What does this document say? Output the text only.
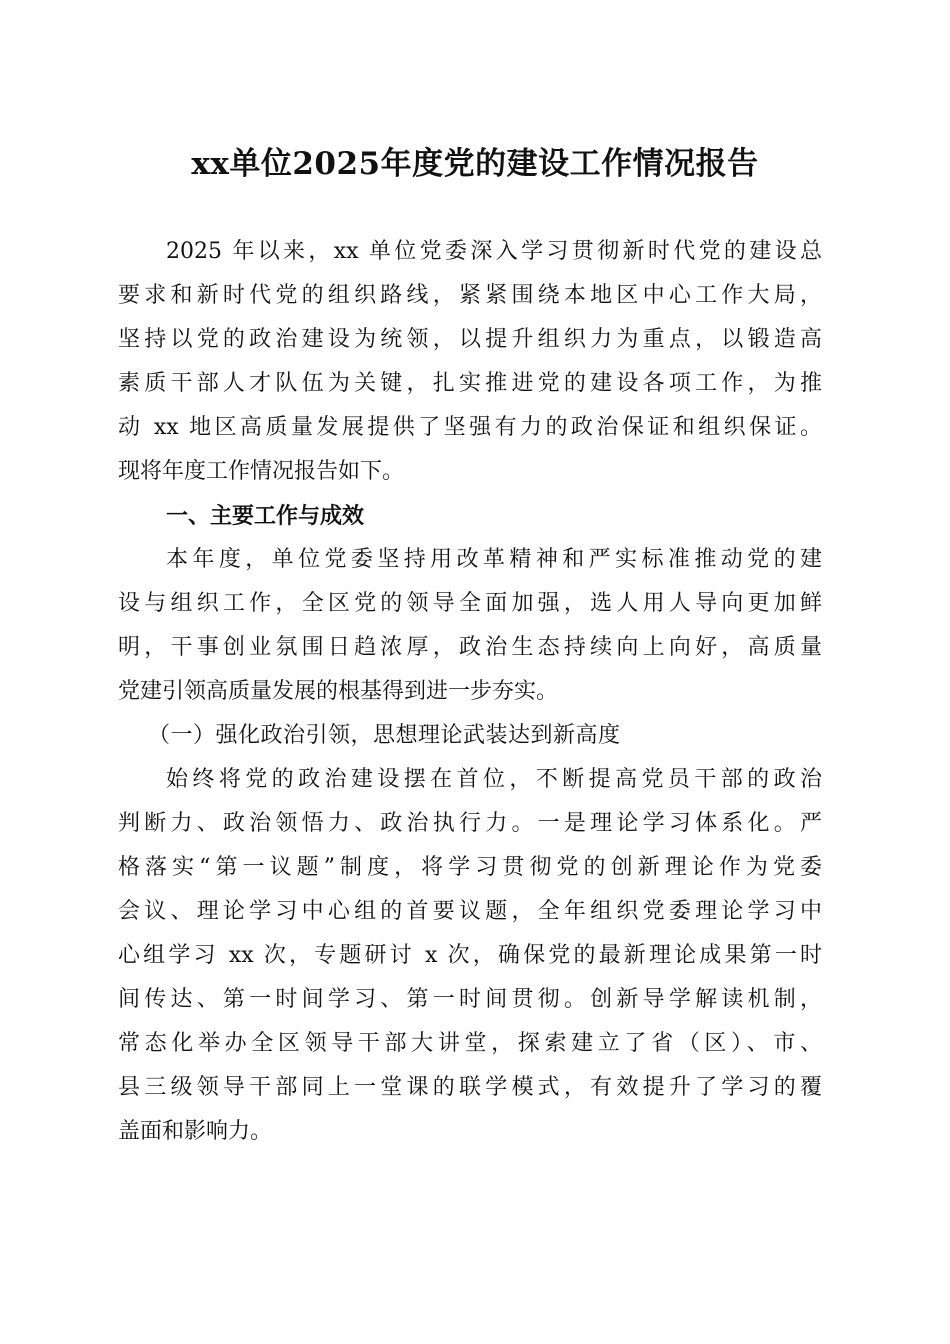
xx单位2025年度党的建设工作情况报告
2025 年以来，xx 单位党委深入学习贯彻新时代党的建设总
要求和新时代党的组织路线，紧紧围绕本地区中心工作大局，
坚持以党的政治建设为统领，以提升组织力为重点，以锻造高
素质干部人才队伍为关键，扎实推进党的建设各项工作，为推
动 xx 地区高质量发展提供了坚强有力的政治保证和组织保证。
现将年度工作情况报告如下。
一、主要工作与成效
本年度，单位党委坚持用改革精神和严实标准推动党的建
设与组织工作，全区党的领导全面加强，选人用人导向更加鲜
明，干事创业氛围日趋浓厚，政治生态持续向上向好，高质量
党建引领高质量发展的根基得到进一步夯实。
（一）强化政治引领，思想理论武装达到新高度
始终将党的政治建设摆在首位，不断提高党员干部的政治
判断力、政治领悟力、政治执行力。一是理论学习体系化。严
格落实“第一议题”制度，将学习贯彻党的创新理论作为党委
会议、理论学习中心组的首要议题，全年组织党委理论学习中
心组学习 xx 次，专题研讨 x 次，确保党的最新理论成果第一时
间传达、第一时间学习、第一时间贯彻。创新导学解读机制，
常态化举办全区领导干部大讲堂，探索建立了省（区）、市、
县三级领导干部同上一堂课的联学模式，有效提升了学习的覆
盖面和影响力。
